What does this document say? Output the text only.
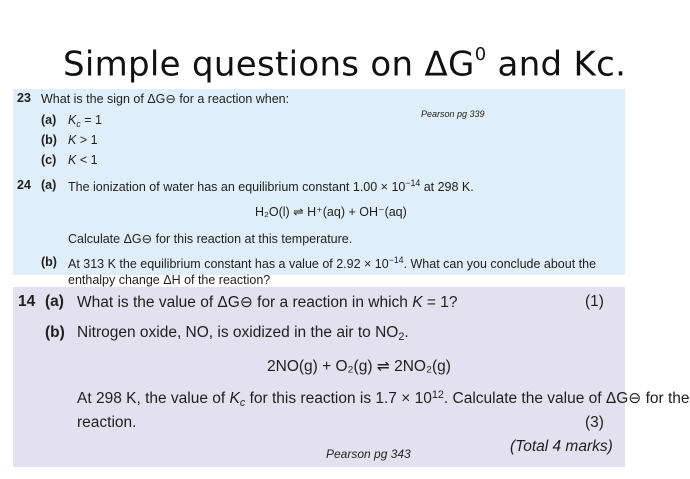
Simple questions on $\Delta G^0$ and Kc.
23 What is the sign of ΔG⊖ for a reaction when:
Pearson pg 339
(a) $K_c = 1$
(b) K > 1
(c) K < 1
24 (a) The ionization of water has an equilibrium constant $1.00 \times 10^{-14}$ at 298 K.
H₂O(l) ⇌ H⁺(aq) + OH⁻(aq)
Calculate ΔG⊖ for this reaction at this temperature.
(b) At 313 K the equilibrium constant has a value of $2.92 \times 10^{-14}$. What can you conclude about the
enthalpy change ΔH of the reaction?
14 (a) What is the value of ΔG⊖ for a reaction in which K = 1?	(1)
(b) Nitrogen oxide, NO, is oxidized in the air to $NO_2$.
2NO(g) + O₂(g) ⇌ 2NO₂(g)
At 298 K, the value of $K_c$ for this reaction is $1.7 \times 10^{12}$. Calculate the value of ΔG⊖ for the
reaction.	(3)
(Total 4 marks)
Pearson pg 343
